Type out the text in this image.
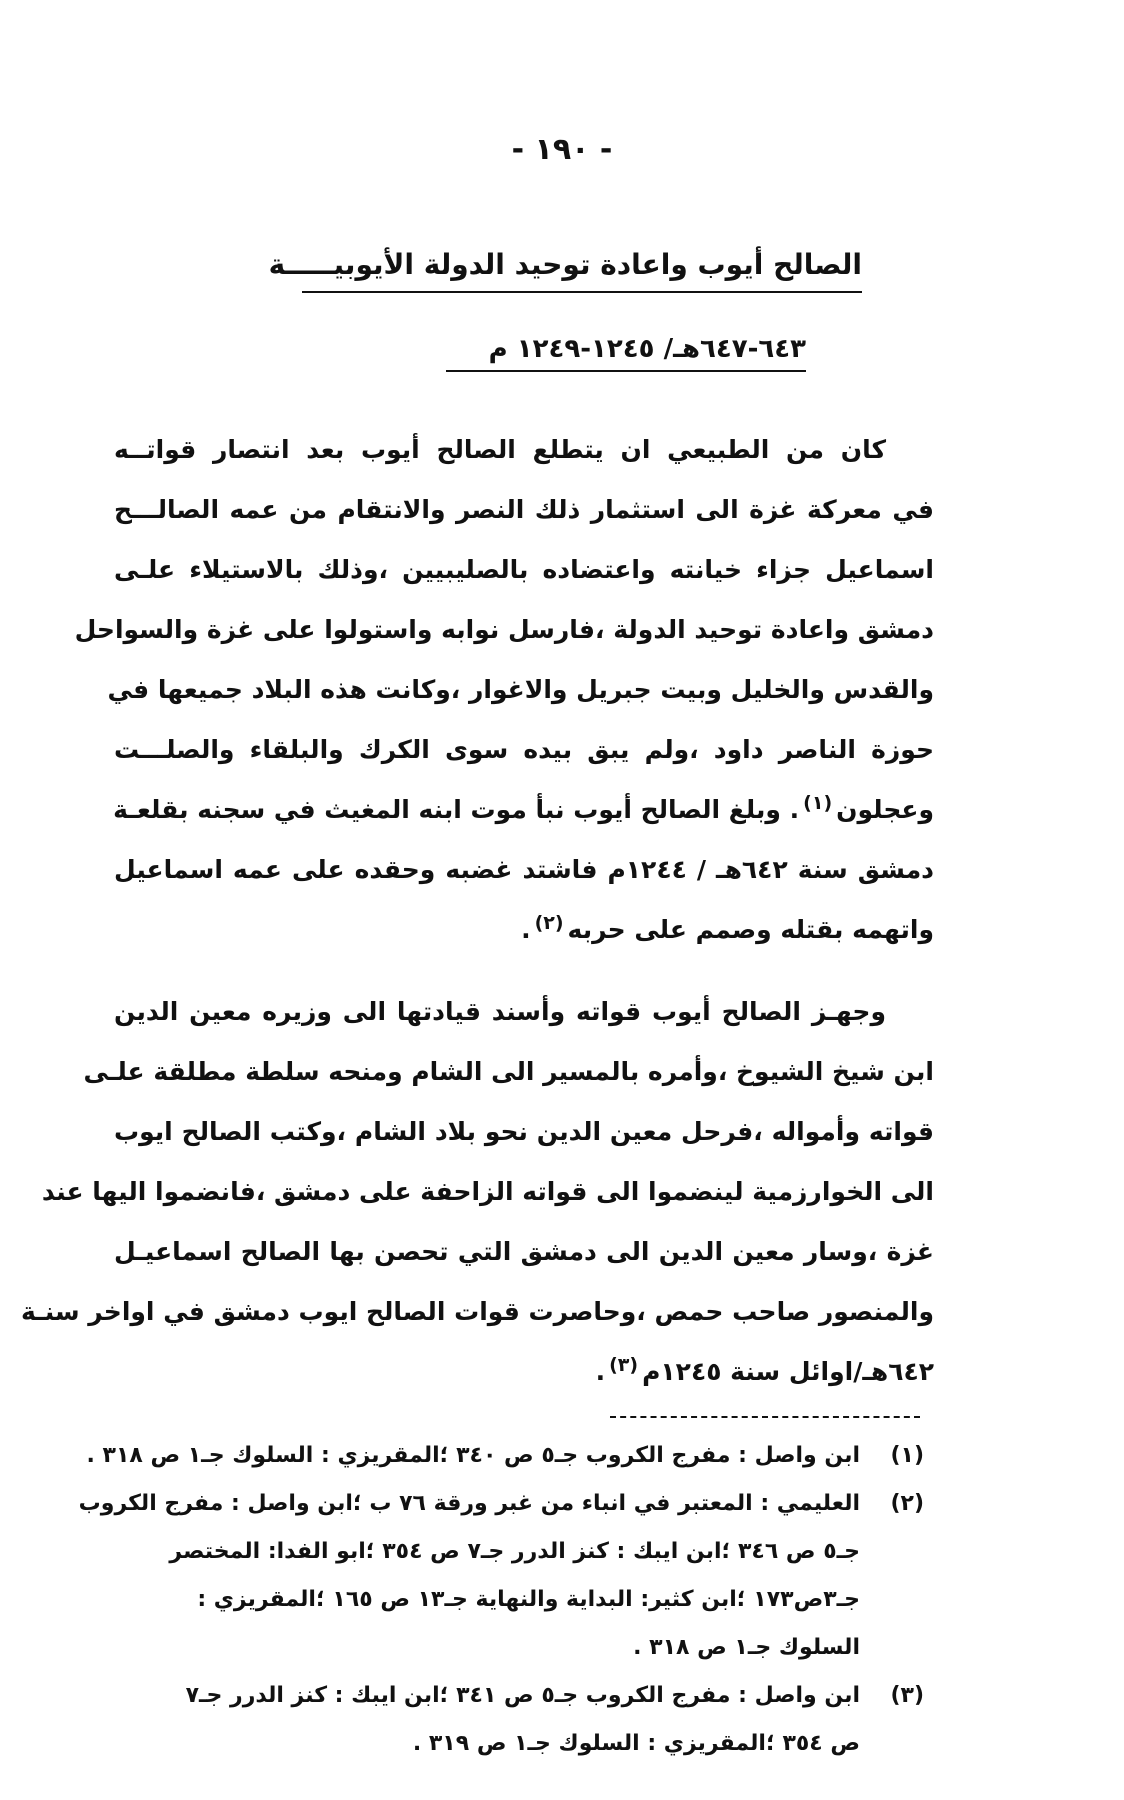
- ١٩٠ -
الصالح أيوب واعادة توحيد الدولة الأيوبيـــــة
٦٤٣-٦٤٧هـ/ ١٢٤٥-١٢٤٩ م
كان من الطبيعي ان يتطلع الصالح أيوب بعد انتصار قواتــه
في معركة غزة الى استثمار ذلك النصر والانتقام من عمه الصالـــح
اسماعيل جزاء خيانته واعتضاده بالصليبيين ،وذلك بالاستيلاء علـى
دمشق واعادة توحيد الدولة ،فارسل نوابه واستولوا على غزة والسواحل
والقدس والخليل وبيت جبريل والاغوار ،وكانت هذه البلاد جميعها في
حوزة الناصر داود ،ولم يبق بيده سوى الكرك والبلقاء والصلـــت
وعجلون$^{(١)}$. وبلغ الصالح أيوب نبأ موت ابنه المغيث في سجنه بقلعـة
دمشق سنة ٦٤٢هـ / ١٢٤٤م فاشتد غضبه وحقده على عمه اسماعيل
واتهمه بقتله وصمم على حربه$^{(٢)}$.
وجهـز الصالح أيوب قواته وأسند قيادتها الى وزيره معين الدين
ابن شيخ الشيوخ ،وأمره بالمسير الى الشام ومنحه سلطة مطلقة علـى
قواته وأمواله ،فرحل معين الدين نحو بلاد الشام ،وكتب الصالح ايوب
الى الخوارزمية لينضموا الى قواته الزاحفة على دمشق ،فانضموا اليها عند
غزة ،وسار معين الدين الى دمشق التي تحصن بها الصالح اسماعيـل
والمنصور صاحب حمص ،وحاصرت قوات الصالح ايوب دمشق في اواخر سنـة
٦٤٢هـ/اوائل سنة ١٢٤٥م$^{(٣)}$.
(١)
ابن واصل : مفرج الكروب جـ٥ ص ٣٤٠ ؛المقريزي : السلوك جـ١ ص ٣١٨ .
(٢)
العليمي : المعتبر في انباء من غبر ورقة ٧٦ ب ؛ابن واصل : مفرج الكروب
جـ٥ ص ٣٤٦ ؛ابن ايبك : كنز الدرر جـ٧ ص ٣٥٤ ؛ابو الفدا: المختصر
جـ٣ص١٧٣ ؛ابن كثير: البداية والنهاية جـ١٣ ص ١٦٥ ؛المقريزي :
السلوك جـ١ ص ٣١٨ .
(٣)
ابن واصل : مفرج الكروب جـ٥ ص ٣٤١ ؛ابن ايبك : كنز الدرر جـ٧
ص ٣٥٤ ؛المقريزي : السلوك جـ١ ص ٣١٩ .
